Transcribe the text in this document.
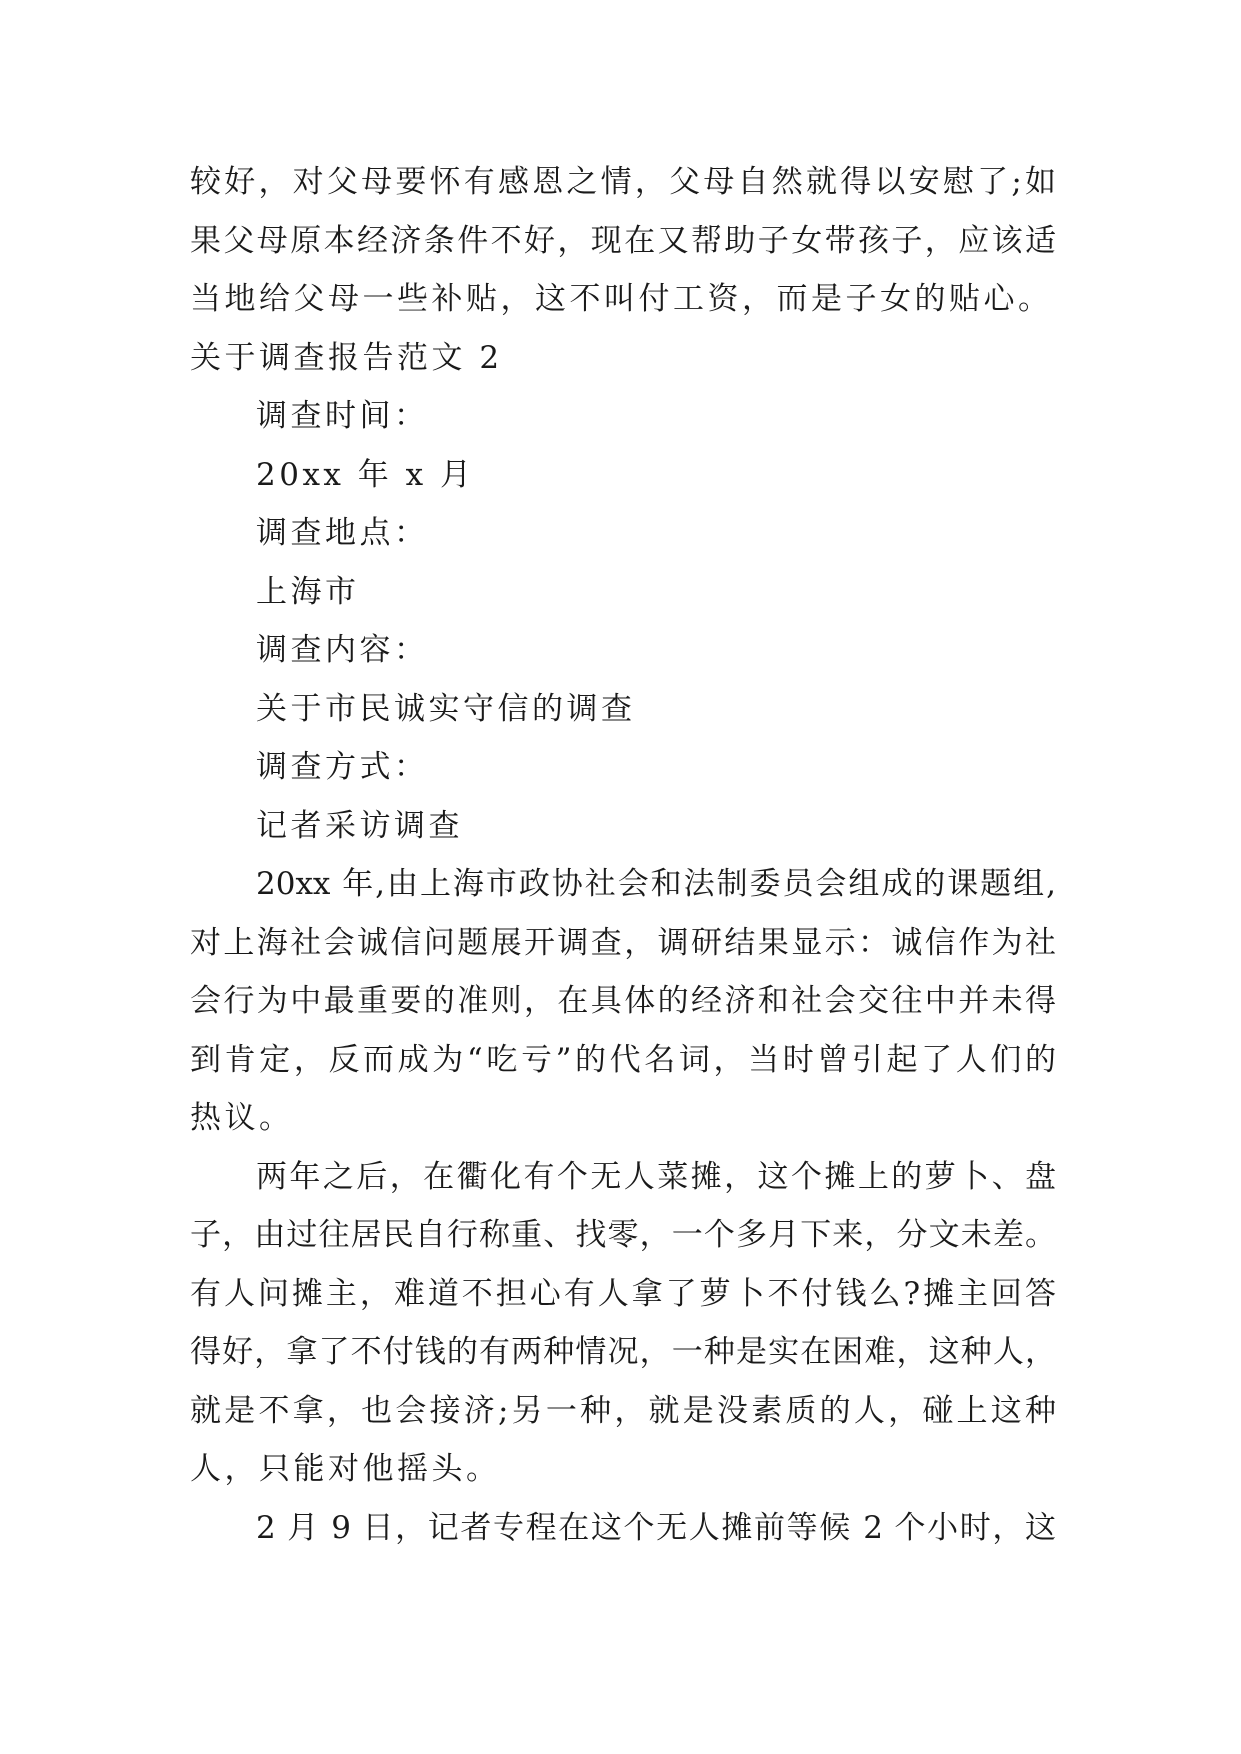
较好，对父母要怀有感恩之情，父母自然就得以安慰了;如
果父母原本经济条件不好，现在又帮助子女带孩子，应该适
当地给父母一些补贴，这不叫付工资，而是子女的贴心。
关于调查报告范文 2
调查时间：
20xx 年 x 月
调查地点：
上海市
调查内容：
关于市民诚实守信的调查
调查方式：
记者采访调查
20xx 年,由上海市政协社会和法制委员会组成的课题组,
对上海社会诚信问题展开调查，调研结果显示：诚信作为社
会行为中最重要的准则，在具体的经济和社会交往中并未得
到肯定，反而成为“吃亏”的代名词，当时曾引起了人们的
热议。
两年之后，在衢化有个无人菜摊，这个摊上的萝卜、盘
子，由过往居民自行称重、找零，一个多月下来，分文未差。
有人问摊主，难道不担心有人拿了萝卜不付钱么?摊主回答
得好，拿了不付钱的有两种情况，一种是实在困难，这种人，
就是不拿，也会接济;另一种，就是没素质的人，碰上这种
人，只能对他摇头。
2 月 9 日，记者专程在这个无人摊前等候 2 个小时，这
